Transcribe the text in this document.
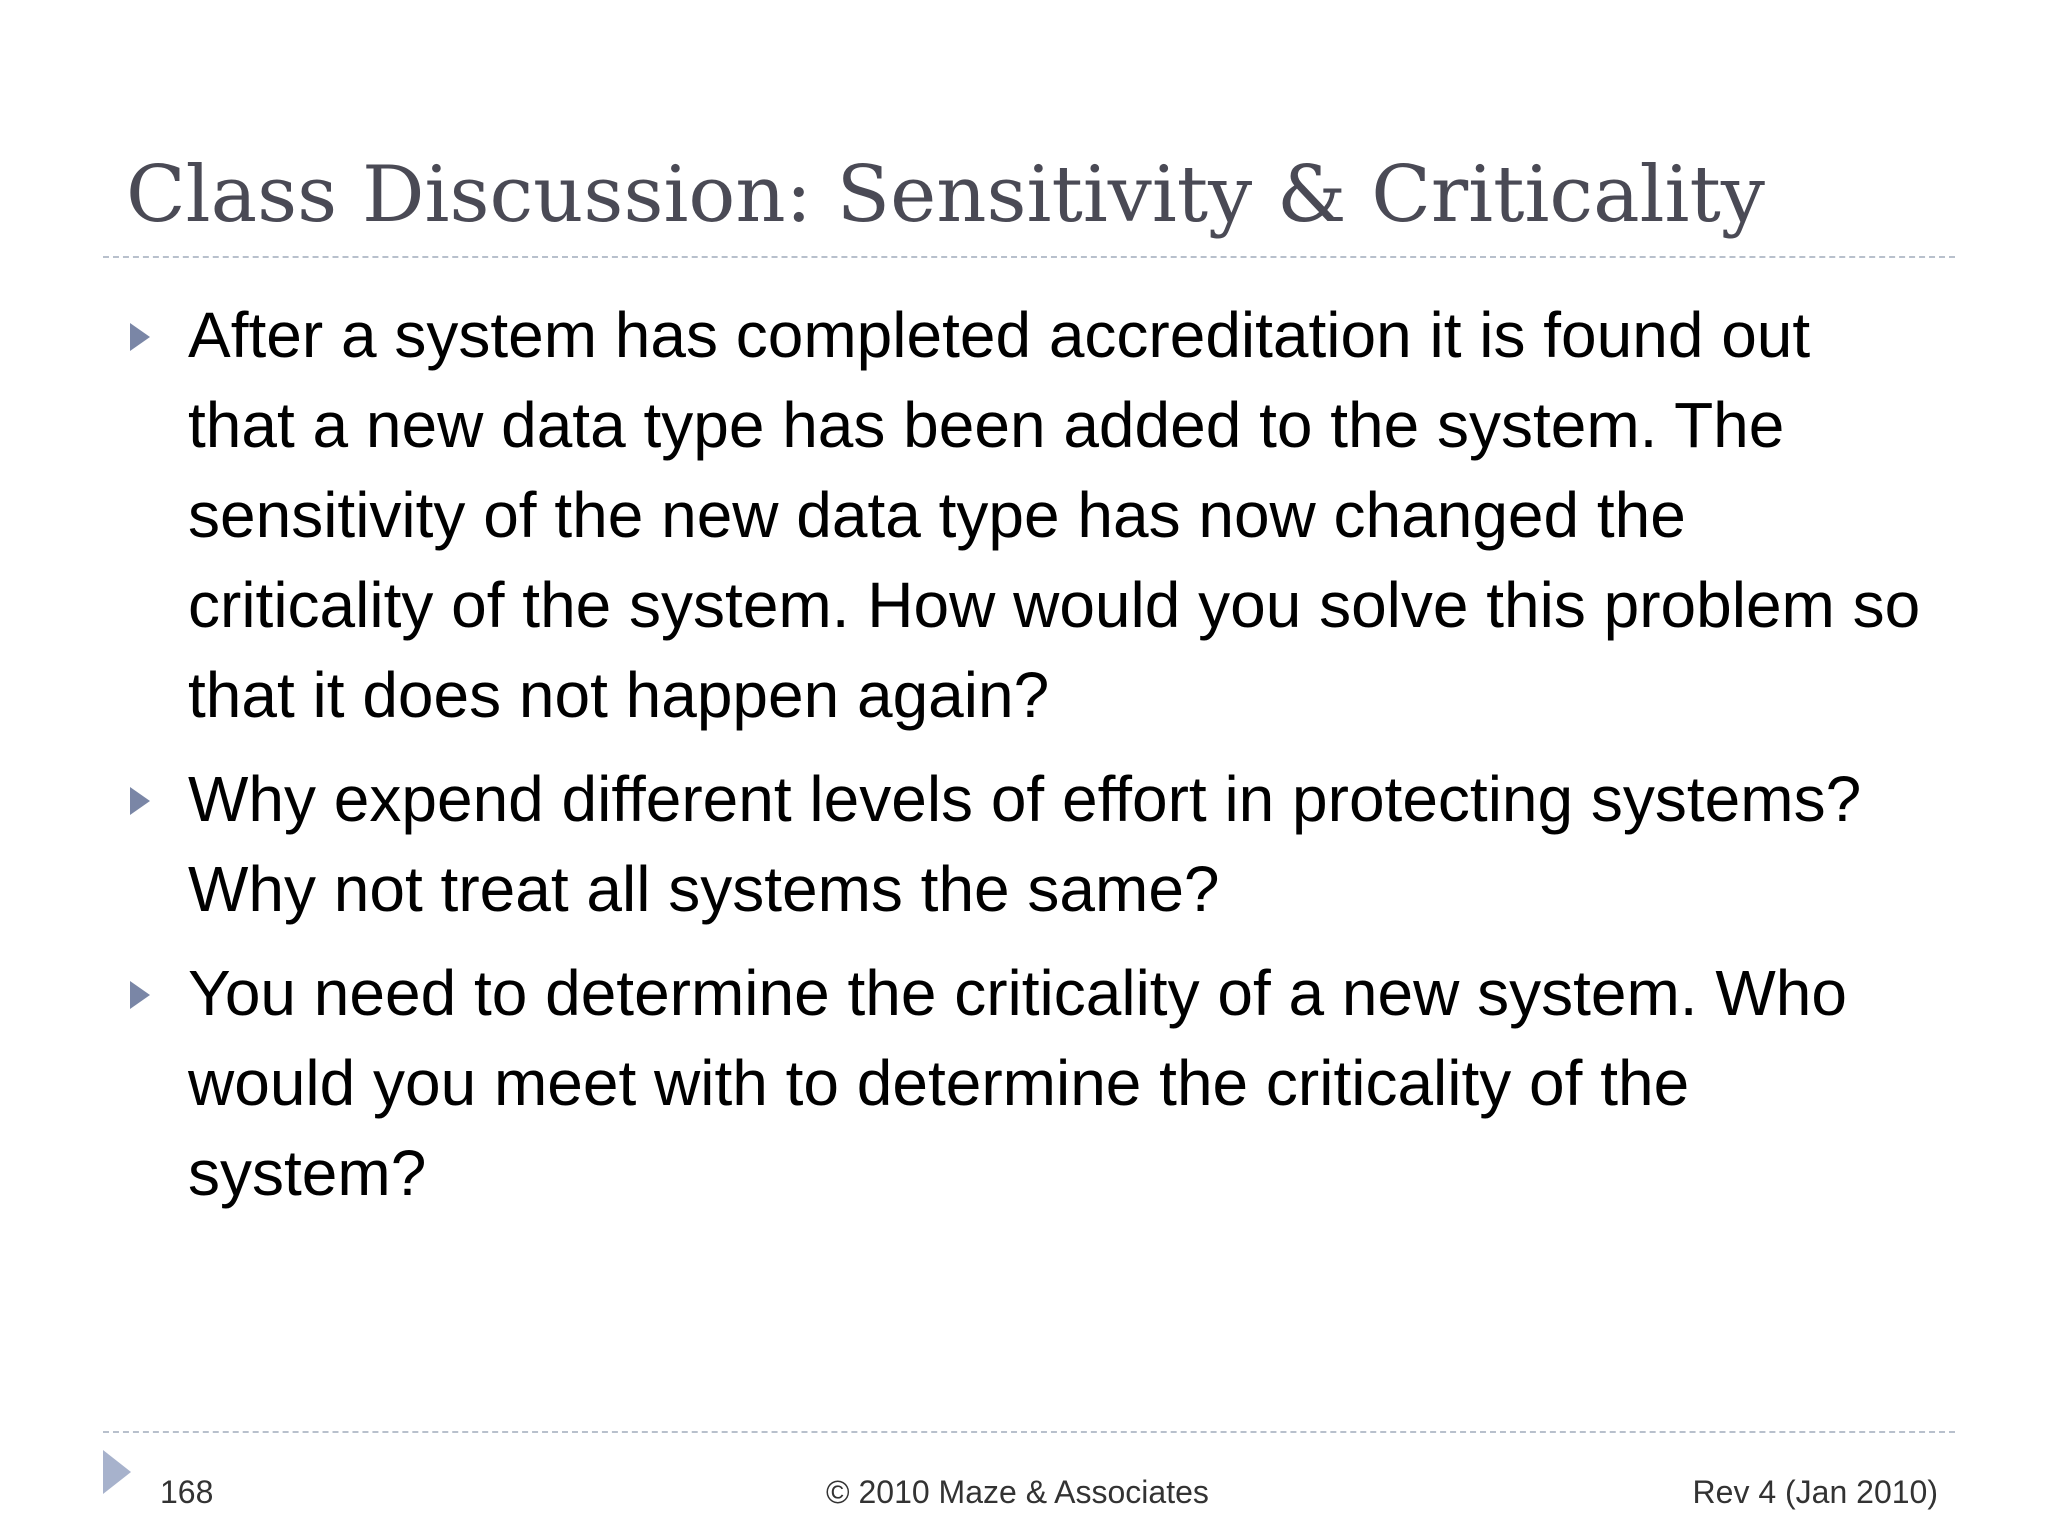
Class Discussion: Sensitivity & Criticality
After a system has completed accreditation it is found out that a new data type has been added to the system. The sensitivity of the new data type has now changed the criticality of the system. How would you solve this problem so that it does not happen again?
Why expend different levels of effort in protecting systems? Why not treat all systems the same?
You need to determine the criticality of a new system. Who would you meet with to determine the criticality of the system?
168	© 2010 Maze & Associates	Rev 4 (Jan 2010)
